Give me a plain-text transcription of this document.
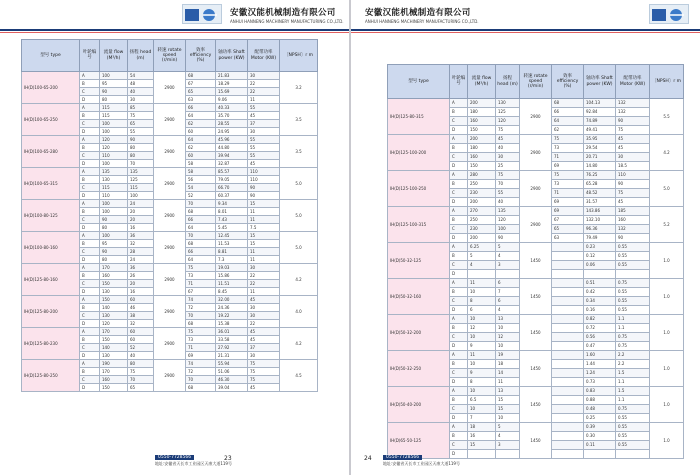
安徽汉能机械制造有限公司
ANHUI HANNENG MACHINERY MANUFACTURING CO.,LTD.
型号 type	叶轮编号	流量 flow (M³/h)	扬程 head (m)	转速 rotate speed (r/min)	效率 efficiency (%)	轴功率 Shaft power (KW)	配带功率 Motor (KW)	〔NPSH〕r m
IH(D)100-65-200	A	100	54	2900	68	21.83	30	3.2
	B	95	48		67	18.29	22	
	C	90	40		65	15.69	22	
	D	80	30		63	9.06	11	
IH(D)100-65-250	A	115	85	2900	66	40.33	55	3.5
	B	115	75		64	35.70	45	
	C	100	65		62	28.55	37	
	D	100	55		60	24.95	30	
IH(D)100-65-280	A	120	90	2900	64	45.96	55	3.5
	B	120	80		62	44.80	55	
	C	110	80		60	39.94	55	
	D	100	70		58	32.87	45	
IH(D)100-65-315	A	135	135	2900	58	85.57	110	5.0
	B	130	125		56	79.05	110	
	C	115	115		54	66.70	90	
	D	110	100		52	60.37	90	
IH(D)100-80-125	A	100	24	2900	70	9.34	15	5.0
	B	100	20		68	8.01	11	
	C	90	20		66	7.43	11	
	D	80	16		64	5.45	7.5	
IH(D)100-80-160	A	100	36	2900	70	12.45	15	5.0
	B	95	32		68	11.53	15	
	C	90	28		66	8.81	11	
	D	80	24		64	7.3	11	
IH(D)125-80-160	A	170	36	2900	75	19.03	30	4.2
	B	160	26		73	15.86	22	
	C	150	20		71	11.51	22	
	D	130	16		67	8.45	11	
IH(D)125-80-200	A	150	60	2900	74	32.00	45	4.0
	B	140	46		72	24.36	30	
	C	130	38		70	19.22	30	
	D	120	32		68	15.38	22	
IH(D)125-80-230	A	170	60	2900	75	36.01	45	4.2
	B	150	60		73	33.58	45	
	C	140	52		71	27.92	37	
	D	130	40		69	21.31	30	
IH(D)125-80-250	A	190	80	2900	74	55.94	75	4.5
	B	170	75		72	51.06	75	
	C	160	70		70	46.30	75	
	D	150	65		68	39.04	45	
23
0550-7728566
地址:安徽省天长市工业园区天康大道119号
安徽汉能机械制造有限公司
ANHUI HANNENG MACHINERY MANUFACTURING CO.,LTD.
型号 type	叶轮编号	流量 flow (M³/h)	扬程 head (m)	转速 rotate speed (r/min)	效率 efficiency (%)	轴功率 Shaft power (KW)	配带功率 Motor (KW)	〔NPSH〕r m
IH(D)125-80-315	A	200	130	2900	68	104.13	132	5.5
	B	180	125		66	92.84	132	
	C	160	120		64	74.89	90	
	D	150	75		62	49.41	75	
IH(D)125-100-200	A	200	45	2900	75	35.95	45	4.2
	B	180	40		73	29.54	45	
	C	160	30		71	20.71	30	
	D	150	25		69	14.80	18.5	
IH(D)125-100-250	A	280	75	2900	75	76.25	110	5.0
	B	250	70		73	65.28	90	
	C	230	55		71	48.52	75	
	D	200	40		69	31.57	45	
IH(D)125-100-315	A	270	135	2900	69	143.86	185	5.2
	B	250	120		67	132.10	160	
	C	230	100		65	96.36	132	
	D	200	90		63	79.49	90	
IH(D)50-32-125	A	6.25	5	1450		0.23	0.55	1.0
	B	5	4			0.12	0.55	
	C	4	3			0.06	0.55	
	D							
IH(D)50-32-160	A	11	6	1450		0.51	0.75	1.0
	B	10	7			0.42	0.55	
	C	8	6			0.34	0.55	
	D	6	4			0.16	0.55	
IH(D)50-32-200	A	10	13	1450		0.82	1.1	1.0
	B	12	10			0.72	1.1	
	C	10	12			0.56	0.75	
	D	9	10			0.47	0.75	
IH(D)50-32-250	A	11	19	1450		1.60	2.2	1.0
	B	10	18			1.44	2.2	
	C	9	14			1.24	1.5	
	D	8	11			0.73	1.1	
IH(D)50-40-200	A	10	13	1450		0.83	1.5	1.0
	B	6.5	15			0.88	1.1	
	C	10	15			0.48	0.75	
	D	7	10			0.25	0.55	
IH(D)65-50-125	A	18	5	1450		0.39	0.55	1.0
	B	16	4			0.30	0.55	
	C	15	3			0.11	0.55	
	D							
24	0550-7728566
地址:安徽省天长市工业园区天康大道119号
